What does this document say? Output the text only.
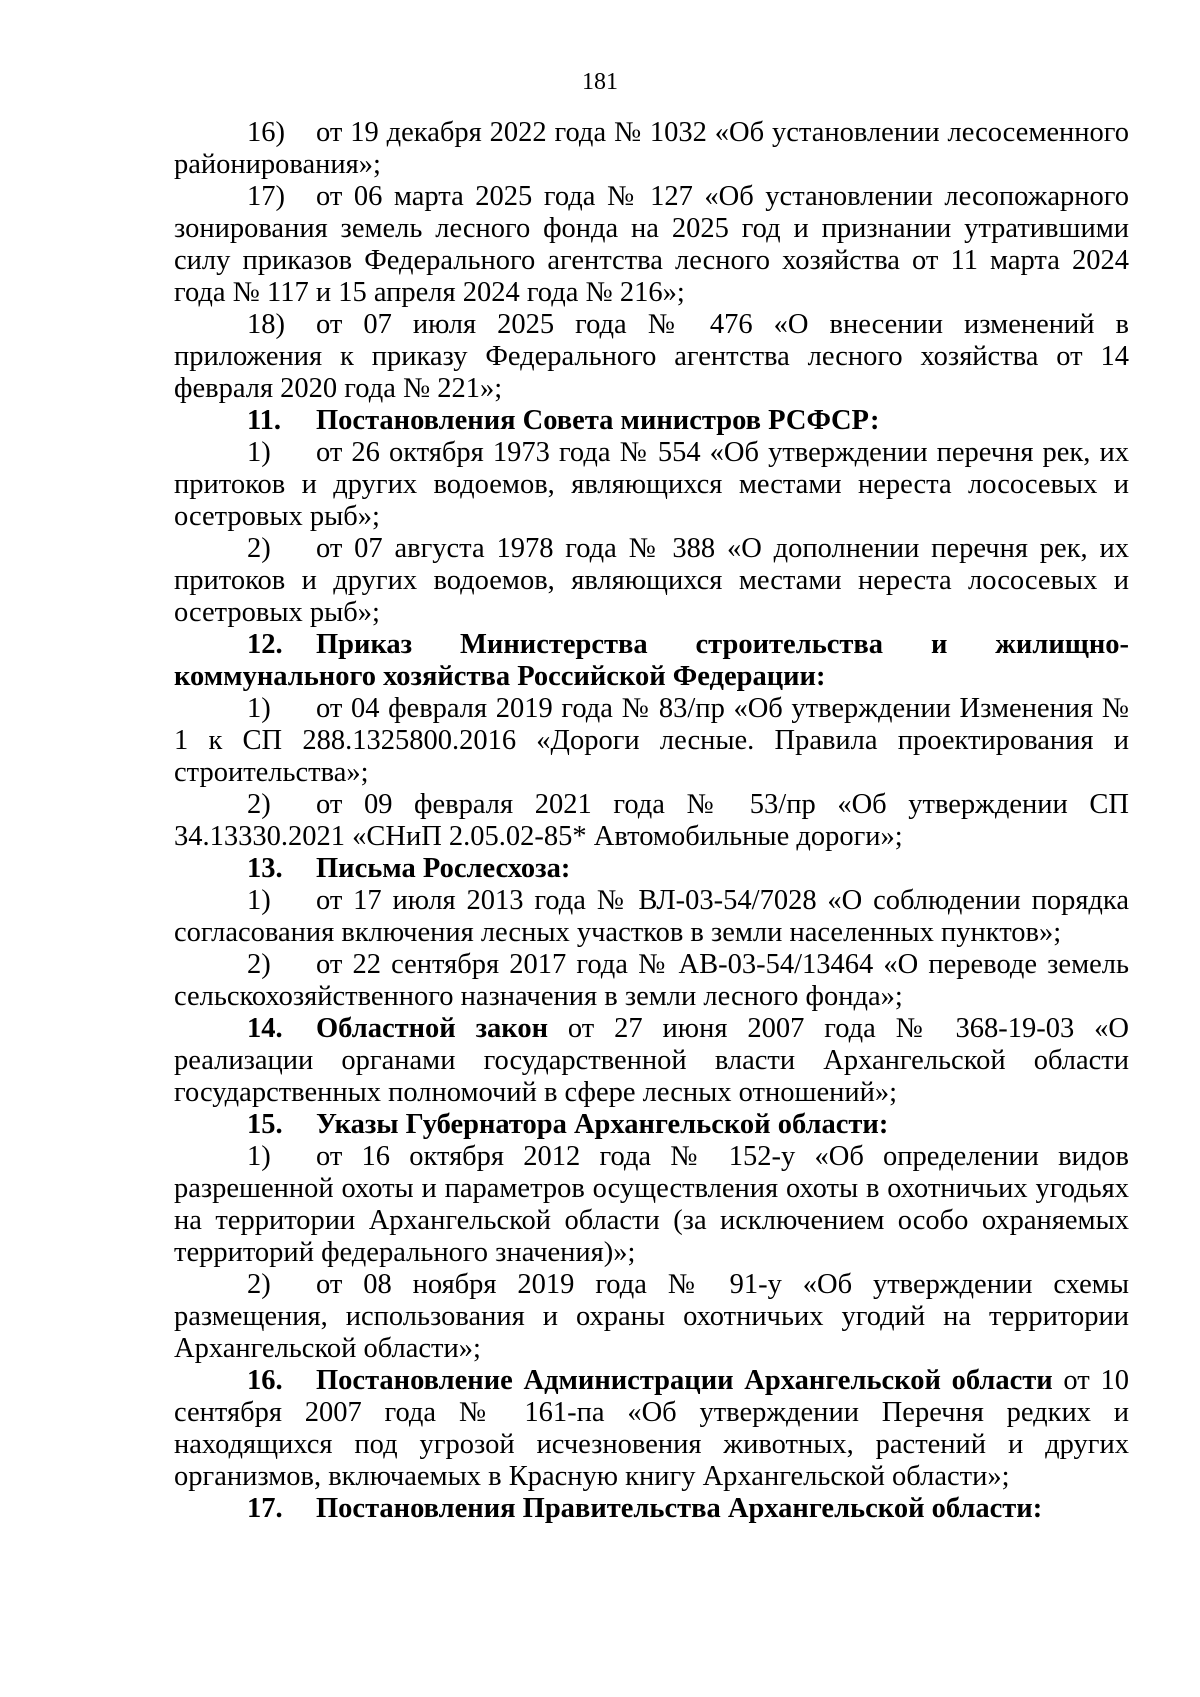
181

16) от 19 декабря 2022 года № 1032 «Об установлении лесосеменного районирования»;

17) от 06 марта 2025 года № 127 «Об установлении лесопожарного зонирования земель лесного фонда на 2025 год и признании утратившими силу приказов Федерального агентства лесного хозяйства от 11 марта 2024 года № 117 и 15 апреля 2024 года № 216»;

18) от 07 июля 2025 года № 476 «О внесении изменений в приложения к приказу Федерального агентства лесного хозяйства от 14 февраля 2020 года № 221»;

11. Постановления Совета министров РСФСР:

1) от 26 октября 1973 года № 554 «Об утверждении перечня рек, их притоков и других водоемов, являющихся местами нереста лососевых и осетровых рыб»;

2) от 07 августа 1978 года № 388 «О дополнении перечня рек, их притоков и других водоемов, являющихся местами нереста лососевых и осетровых рыб»;

12. Приказ Министерства строительства и жилищно-коммунального хозяйства Российской Федерации:

1) от 04 февраля 2019 года № 83/пр «Об утверждении Изменения № 1 к СП 288.1325800.2016 «Дороги лесные. Правила проектирования и строительства»;

2) от 09 февраля 2021 года № 53/пр «Об утверждении СП 34.13330.2021 «СНиП 2.05.02-85* Автомобильные дороги»;

13. Письма Рослесхоза:

1) от 17 июля 2013 года № ВЛ-03-54/7028 «О соблюдении порядка согласования включения лесных участков в земли населенных пунктов»;

2) от 22 сентября 2017 года № АВ-03-54/13464 «О переводе земель сельскохозяйственного назначения в земли лесного фонда»;

14. Областной закон от 27 июня 2007 года № 368-19-03 «О реализации органами государственной власти Архангельской области государственных полномочий в сфере лесных отношений»;

15. Указы Губернатора Архангельской области:

1) от 16 октября 2012 года № 152-у «Об определении видов разрешенной охоты и параметров осуществления охоты в охотничьих угодьях на территории Архангельской области (за исключением особо охраняемых территорий федерального значения)»;

2) от 08 ноября 2019 года № 91-у «Об утверждении схемы размещения, использования и охраны охотничьих угодий на территории Архангельской области»;

16. Постановление Администрации Архангельской области от 10 сентября 2007 года № 161-па «Об утверждении Перечня редких и находящихся под угрозой исчезновения животных, растений и других организмов, включаемых в Красную книгу Архангельской области»;

17. Постановления Правительства Архангельской области:
